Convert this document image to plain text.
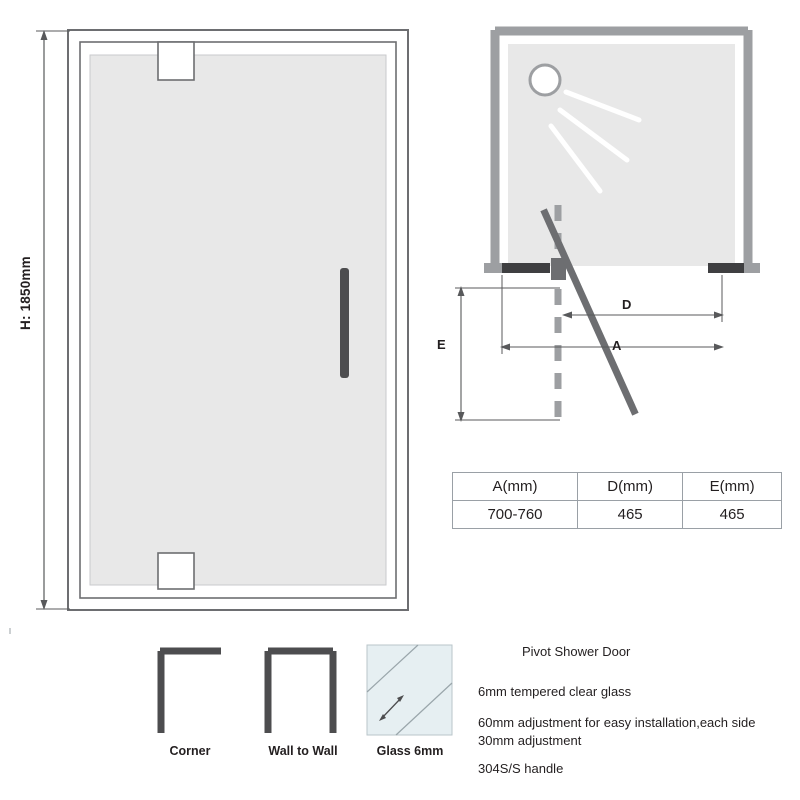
H: 1850mm	D
A
E
A(mm)	D(mm)	E(mm)
700-760	465	465
Corner	Wall to Wall	Glass 6mm
Pivot Shower Door
6mm tempered clear glass
60mm adjustment for easy installation,each side 30mm adjustment
304S/S handle
